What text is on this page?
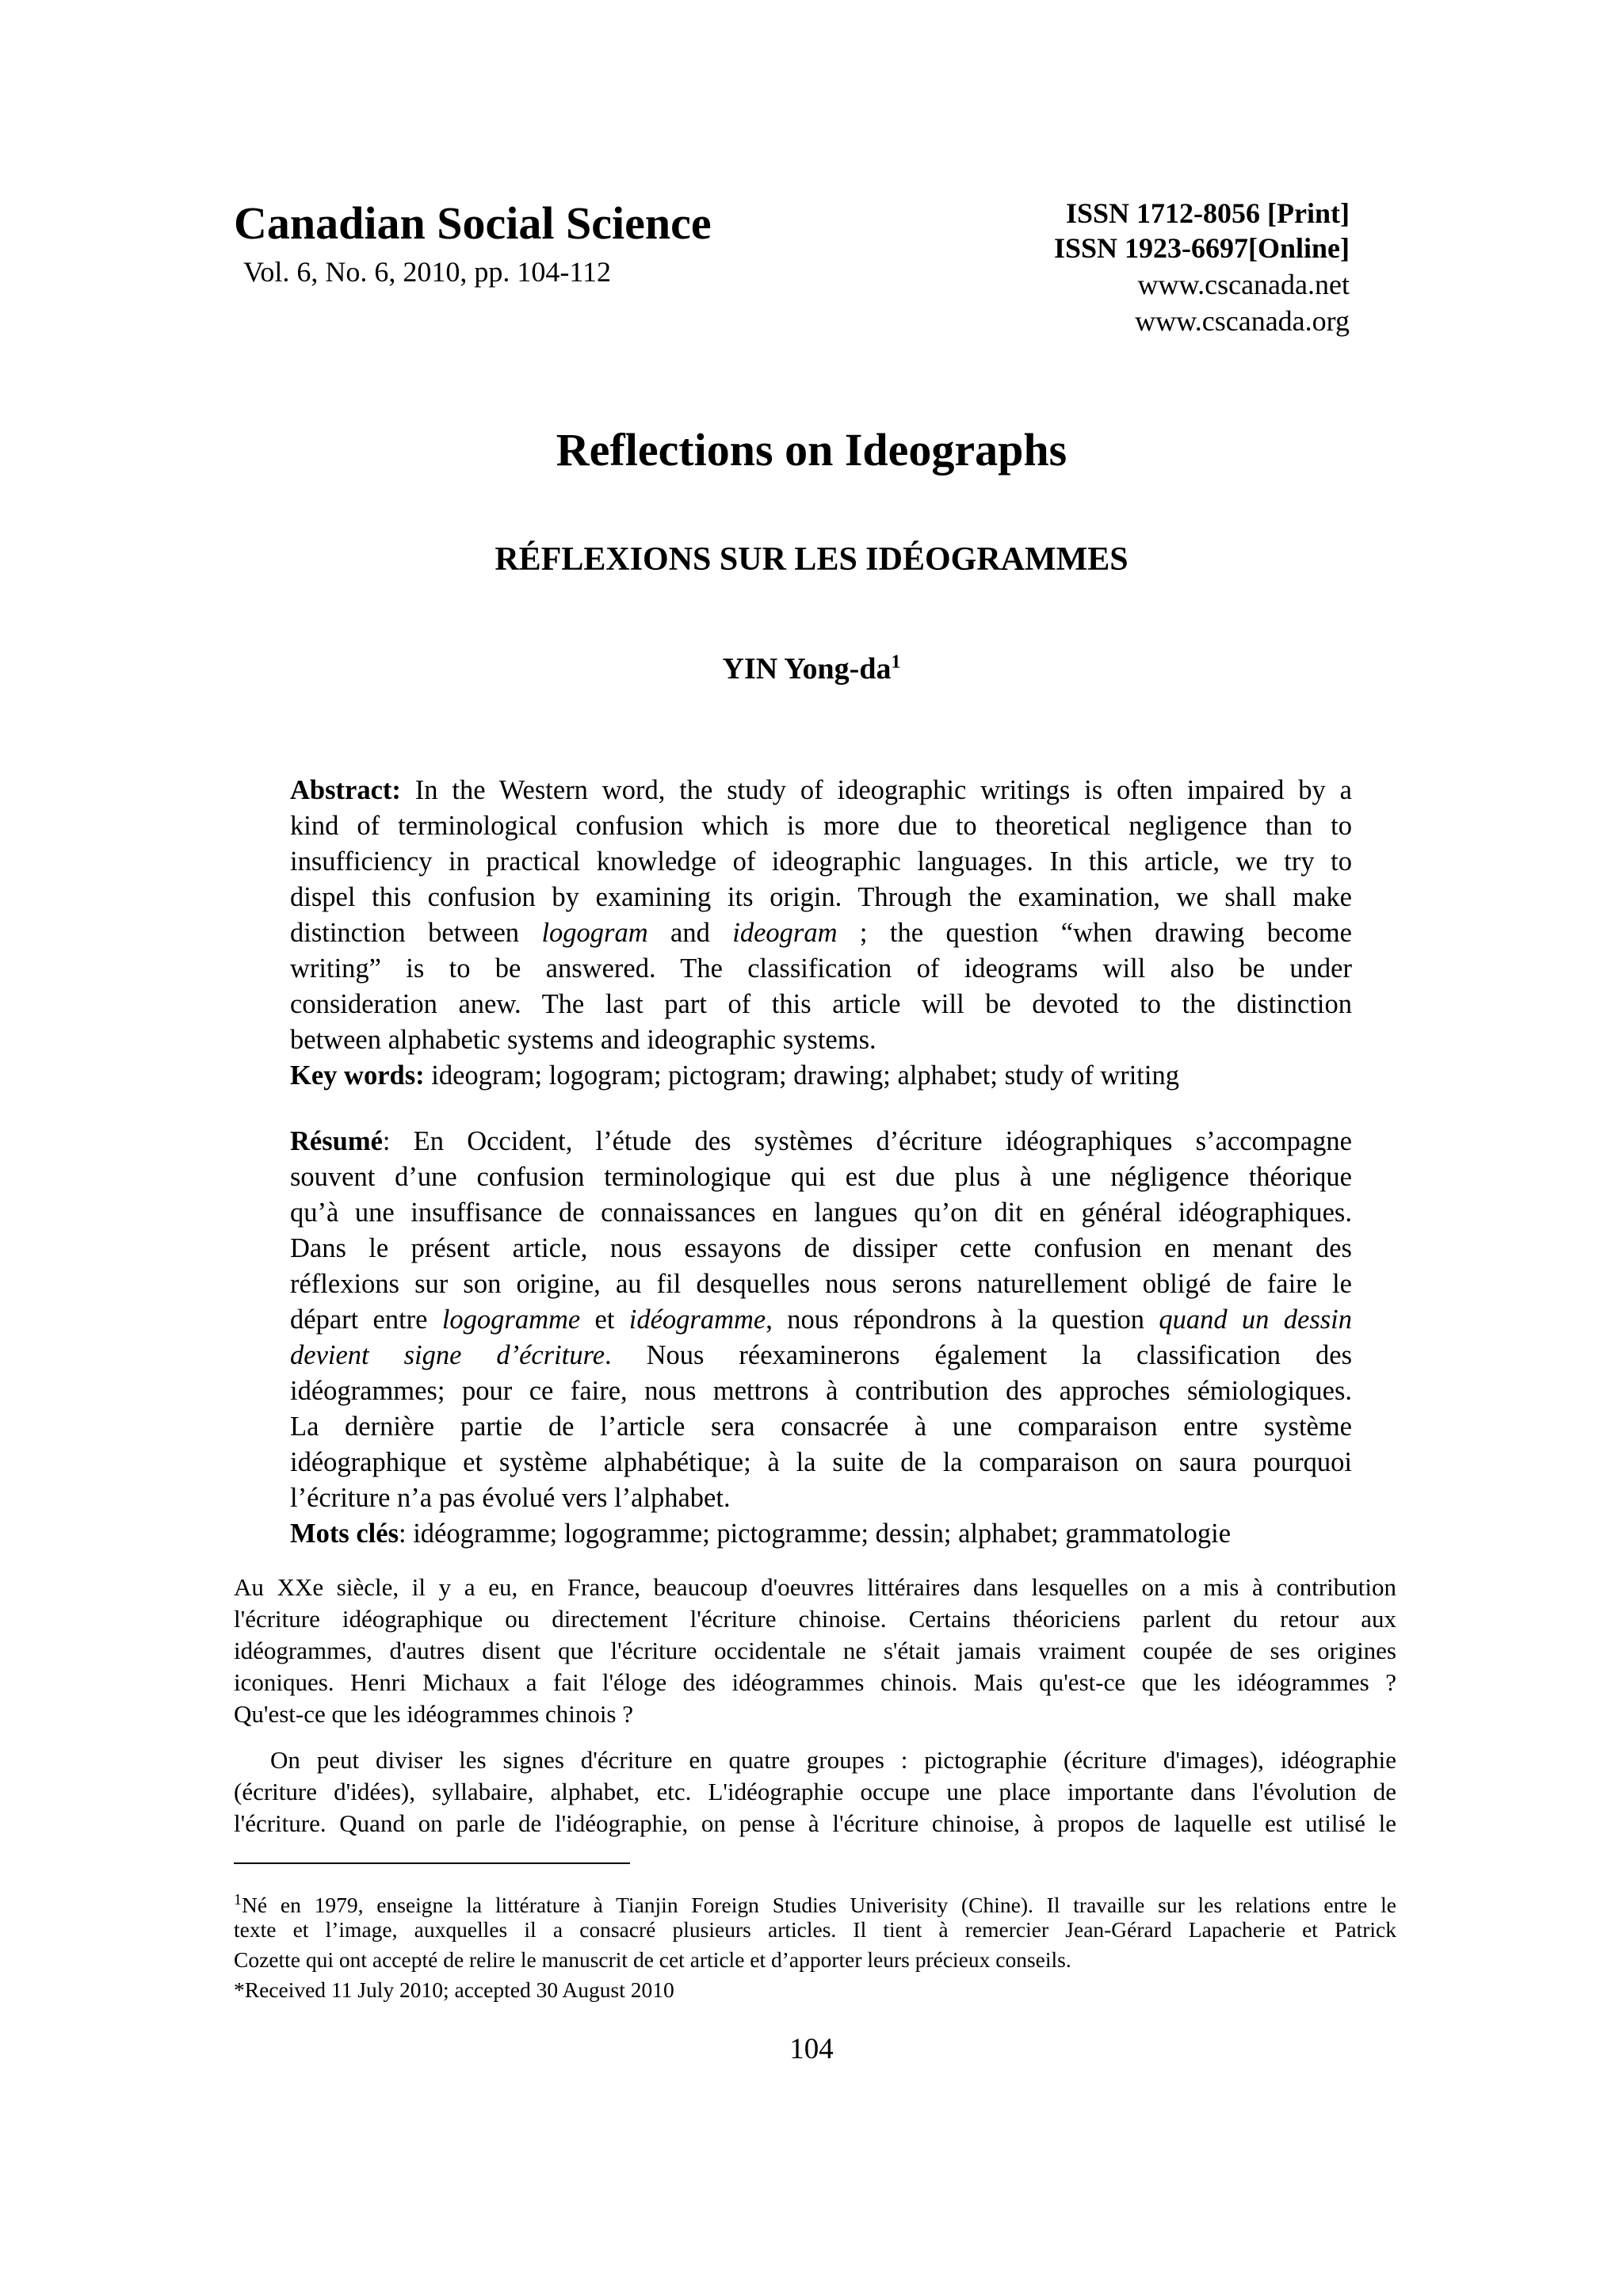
Canadian Social Science
Vol. 6, No. 6, 2010, pp. 104-112
ISSN 1712-8056 [Print]
ISSN 1923-6697[Online]
www.cscanada.net
www.cscanada.org
Reflections on Ideographs
RÉFLEXIONS SUR LES IDÉOGRAMMES
YIN Yong-$da^1$
Abstract: In the Western word, the study of ideographic writings is often impaired by a
kind of terminological confusion which is more due to theoretical negligence than to
insufficiency in practical knowledge of ideographic languages. In this article, we try to
dispel this confusion by examining its origin. Through the examination, we shall make
distinction between logogram and ideogram ; the question “when drawing become
writing” is to be answered. The classification of ideograms will also be under
consideration anew. The last part of this article will be devoted to the distinction
between alphabetic systems and ideographic systems.
Key words: ideogram; logogram; pictogram; drawing; alphabet; study of writing
Résumé: En Occident, l’étude des systèmes d’écriture idéographiques s’accompagne
souvent d’une confusion terminologique qui est due plus à une négligence théorique
qu’à une insuffisance de connaissances en langues qu’on dit en général idéographiques.
Dans le présent article, nous essayons de dissiper cette confusion en menant des
réflexions sur son origine, au fil desquelles nous serons naturellement obligé de faire le
départ entre logogramme et idéogramme, nous répondrons à la question quand un dessin
devient signe d’écriture. Nous réexaminerons également la classification des
idéogrammes; pour ce faire, nous mettrons à contribution des approches sémiologiques.
La dernière partie de l’article sera consacrée à une comparaison entre système
idéographique et système alphabétique; à la suite de la comparaison on saura pourquoi
l’écriture n’a pas évolué vers l’alphabet.
Mots clés: idéogramme; logogramme; pictogramme; dessin; alphabet; grammatologie
Au XXe siècle, il y a eu, en France, beaucoup d'oeuvres littéraires dans lesquelles on a mis à contribution
l'écriture idéographique ou directement l'écriture chinoise. Certains théoriciens parlent du retour aux
idéogrammes, d'autres disent que l'écriture occidentale ne s'était jamais vraiment coupée de ses origines
iconiques. Henri Michaux a fait l'éloge des idéogrammes chinois. Mais qu'est-ce que les idéogrammes ?
Qu'est-ce que les idéogrammes chinois ?
On peut diviser les signes d'écriture en quatre groupes : pictographie (écriture d'images), idéographie
(écriture d'idées), syllabaire, alphabet, etc. L'idéographie occupe une place importante dans l'évolution de
l'écriture. Quand on parle de l'idéographie, on pense à l'écriture chinoise, à propos de laquelle est utilisé le
$^1$Né en 1979, enseigne la littérature à Tianjin Foreign Studies Univerisity (Chine). Il travaille sur les relations entre le
texte et l’image, auxquelles il a consacré plusieurs articles. Il tient à remercier Jean-Gérard Lapacherie et Patrick
Cozette qui ont accepté de relire le manuscrit de cet article et d’apporter leurs précieux conseils.
*Received 11 July 2010; accepted 30 August 2010
104
